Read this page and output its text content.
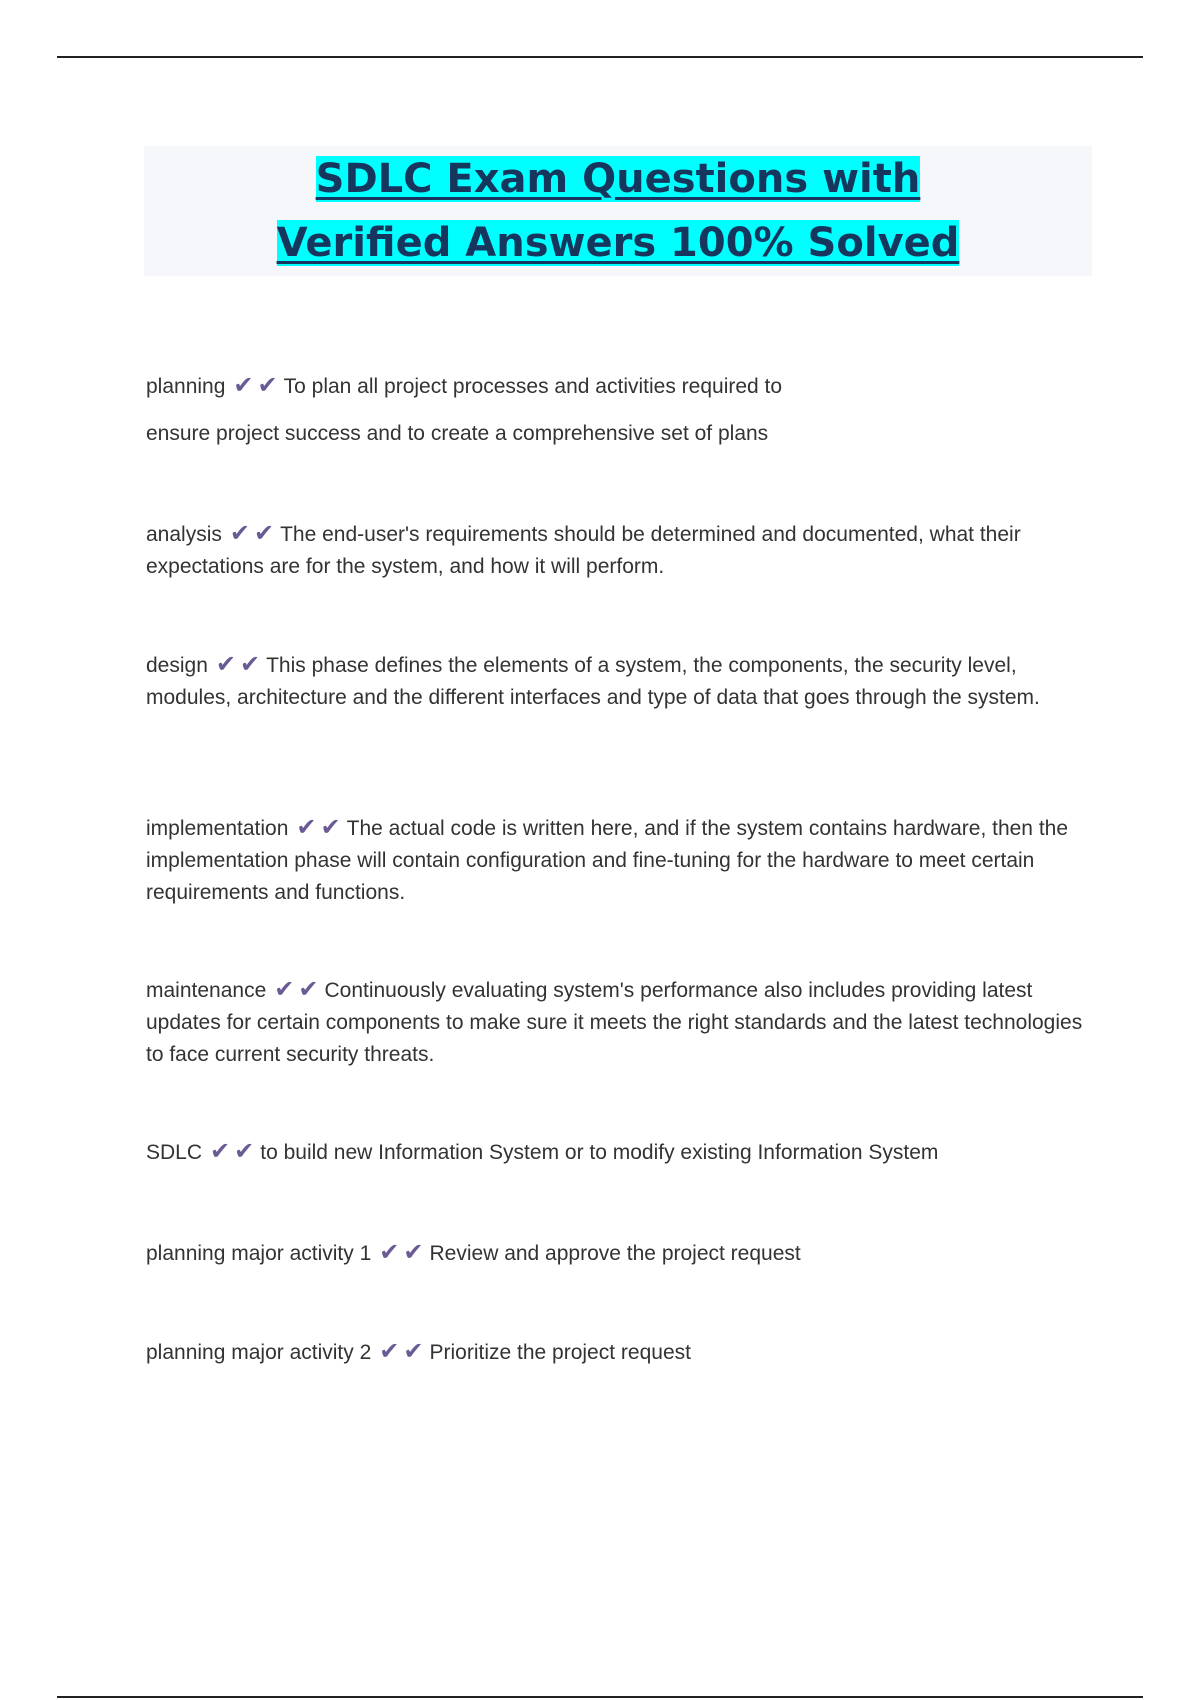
SDLC Exam Questions with Verified Answers 100% Solved
planning ✔ ✔ To plan all project processes and activities required to
ensure project success and to create a comprehensive set of plans
analysis ✔ ✔ The end-user's requirements should be determined and documented, what their expectations are for the system, and how it will perform.
design ✔ ✔ This phase defines the elements of a system, the components, the security level, modules, architecture and the different interfaces and type of data that goes through the system.
implementation ✔ ✔ The actual code is written here, and if the system contains hardware, then the implementation phase will contain configuration and fine-tuning for the hardware to meet certain requirements and functions.
maintenance ✔ ✔ Continuously evaluating system's performance also includes providing latest updates for certain components to make sure it meets the right standards and the latest technologies to face current security threats.
SDLC ✔ ✔ to build new Information System or to modify existing Information System
planning major activity 1 ✔ ✔ Review and approve the project request
planning major activity 2 ✔ ✔ Prioritize the project request
